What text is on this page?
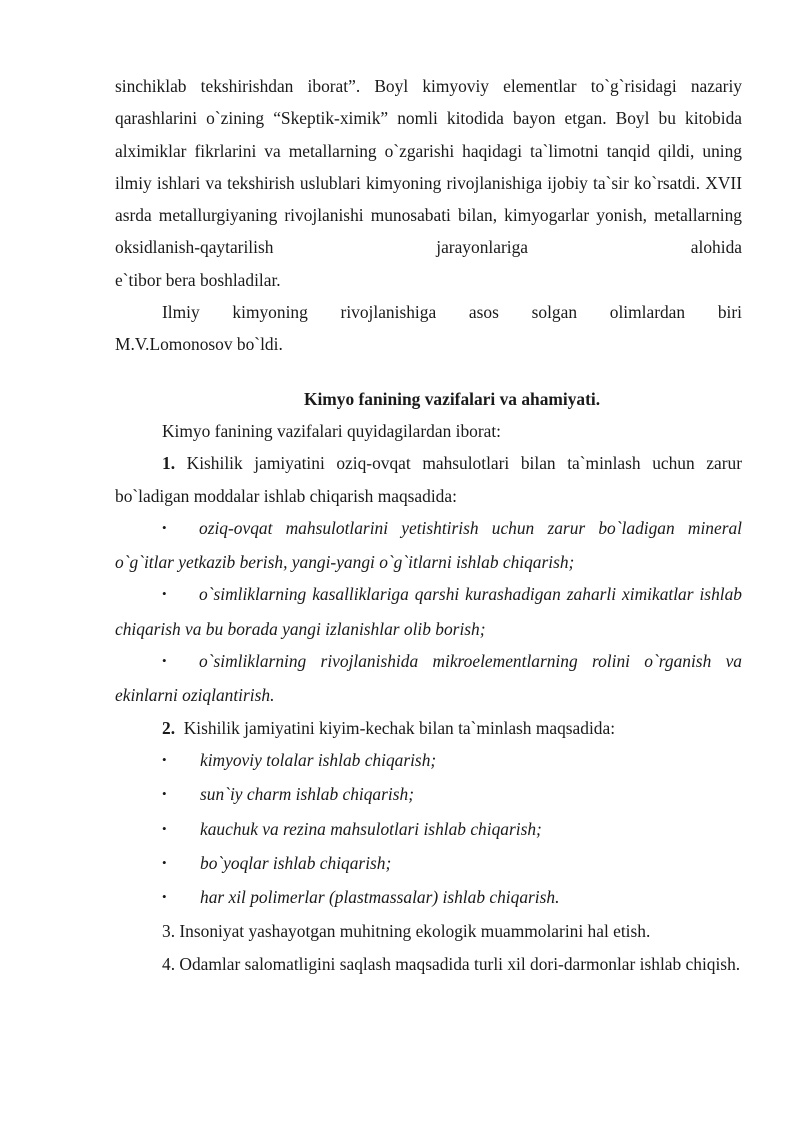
sinchiklab tekshirishdan iborat”. Boyl kimyoviy elementlar to`g`risidagi nazariy qarashlarini o`zining “Skeptik-ximik” nomli kitodida bayon etgan. Boyl bu kitobida alximiklar fikrlarini va metallarning o`zgarishi haqidagi ta`limotni tanqid qildi, uning ilmiy ishlari va tekshirish uslublari kimyoning rivojlanishiga ijobiy ta`sir ko`rsatdi. XVII asrda metallurgiyaning rivojlanishi munosabati bilan, kimyogarlar yonish, metallarning oksidlanish-qaytarilish jarayonlariga alohida

e`tibor bera boshladilar.

Ilmiy kimyoning rivojlanishiga asos solgan olimlardan biri

M.V.Lomonosov bo`ldi.

Kimyo fanining vazifalari va ahamiyati.

Kimyo fanining vazifalari quyidagilardan iborat:

1. Kishilik jamiyatini oziq-ovqat mahsulotlari bilan ta`minlash uchun zarur bo`ladigan moddalar ishlab chiqarish maqsadida:

• oziq-ovqat mahsulotlarini yetishtirish uchun zarur bo`ladigan mineral o`g`itlar yetkazib berish, yangi-yangi o`g`itlarni ishlab chiqarish;

• o`simliklarning kasalliklariga qarshi kurashadigan zaharli ximikatlar ishlab chiqarish va bu borada yangi izlanishlar olib borish;

• o`simliklarning rivojlanishida mikroelementlarning rolini o`rganish va ekinlarni oziqlantirish.

2. Kishilik jamiyatini kiyim-kechak bilan ta`minlash maqsadida:

• kimyoviy tolalar ishlab chiqarish;

• sun`iy charm ishlab chiqarish;

• kauchuk va rezina mahsulotlari ishlab chiqarish;

• bo`yoqlar ishlab chiqarish;

• har xil polimerlar (plastmassalar) ishlab chiqarish.

3. Insoniyat yashayotgan muhitning ekologik muammolarini hal etish.

4. Odamlar salomatligini saqlash maqsadida turli xil dori-darmonlar ishlab chiqish.
